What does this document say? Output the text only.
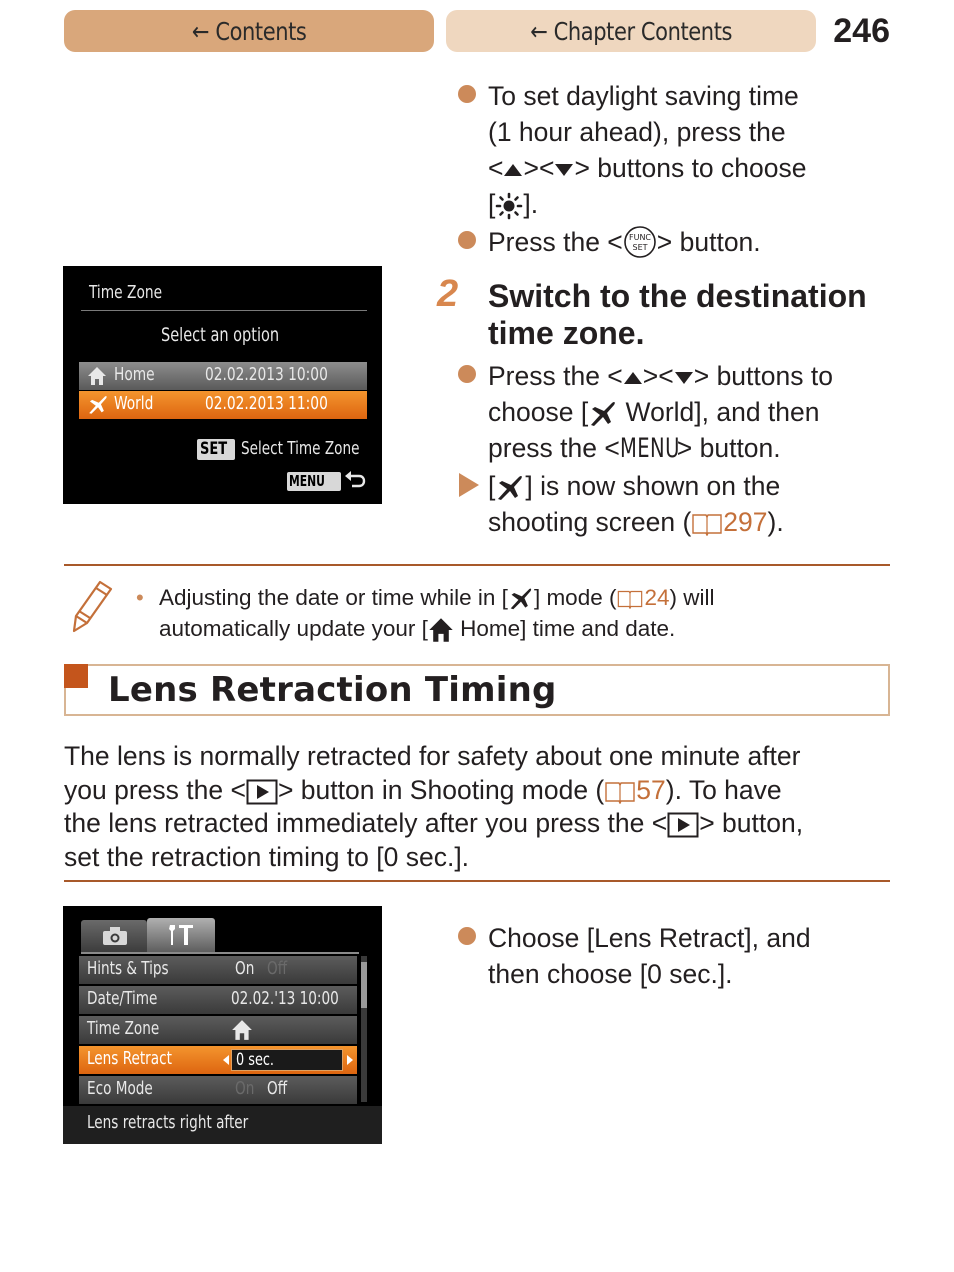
← Contents	← Chapter Contents	246
To set daylight saving time
(1 hour ahead), press the
< >< > buttons to choose
[ ].
Press the < FUNC
SET > button.
2 Switch to the destination
time zone.
Press the < >< > buttons to
choose [ World], and then
press the <MENU> button.
[ ] is now shown on the
shooting screen ( 297).
Time Zone
Select an option
Home	02.02.2013 10:00
World	02.02.2013 11:00
SET Select Time Zone
MENU
• Adjusting the date or time while in [ ] mode ( 24) will
automatically update your [ Home] time and date.
Lens Retraction Timing
The lens is normally retracted for safety about one minute after
you press the < > button in Shooting mode ( 57). To have
the lens retracted immediately after you press the < > button,
set the retraction timing to [0 sec.].
Hints & Tips	On Off
Date/Time	02.02.'13 10:00
Time Zone
Lens Retract	0 sec.
Eco Mode	On Off
Lens retracts right after
Choose [Lens Retract], and
then choose [0 sec.].
